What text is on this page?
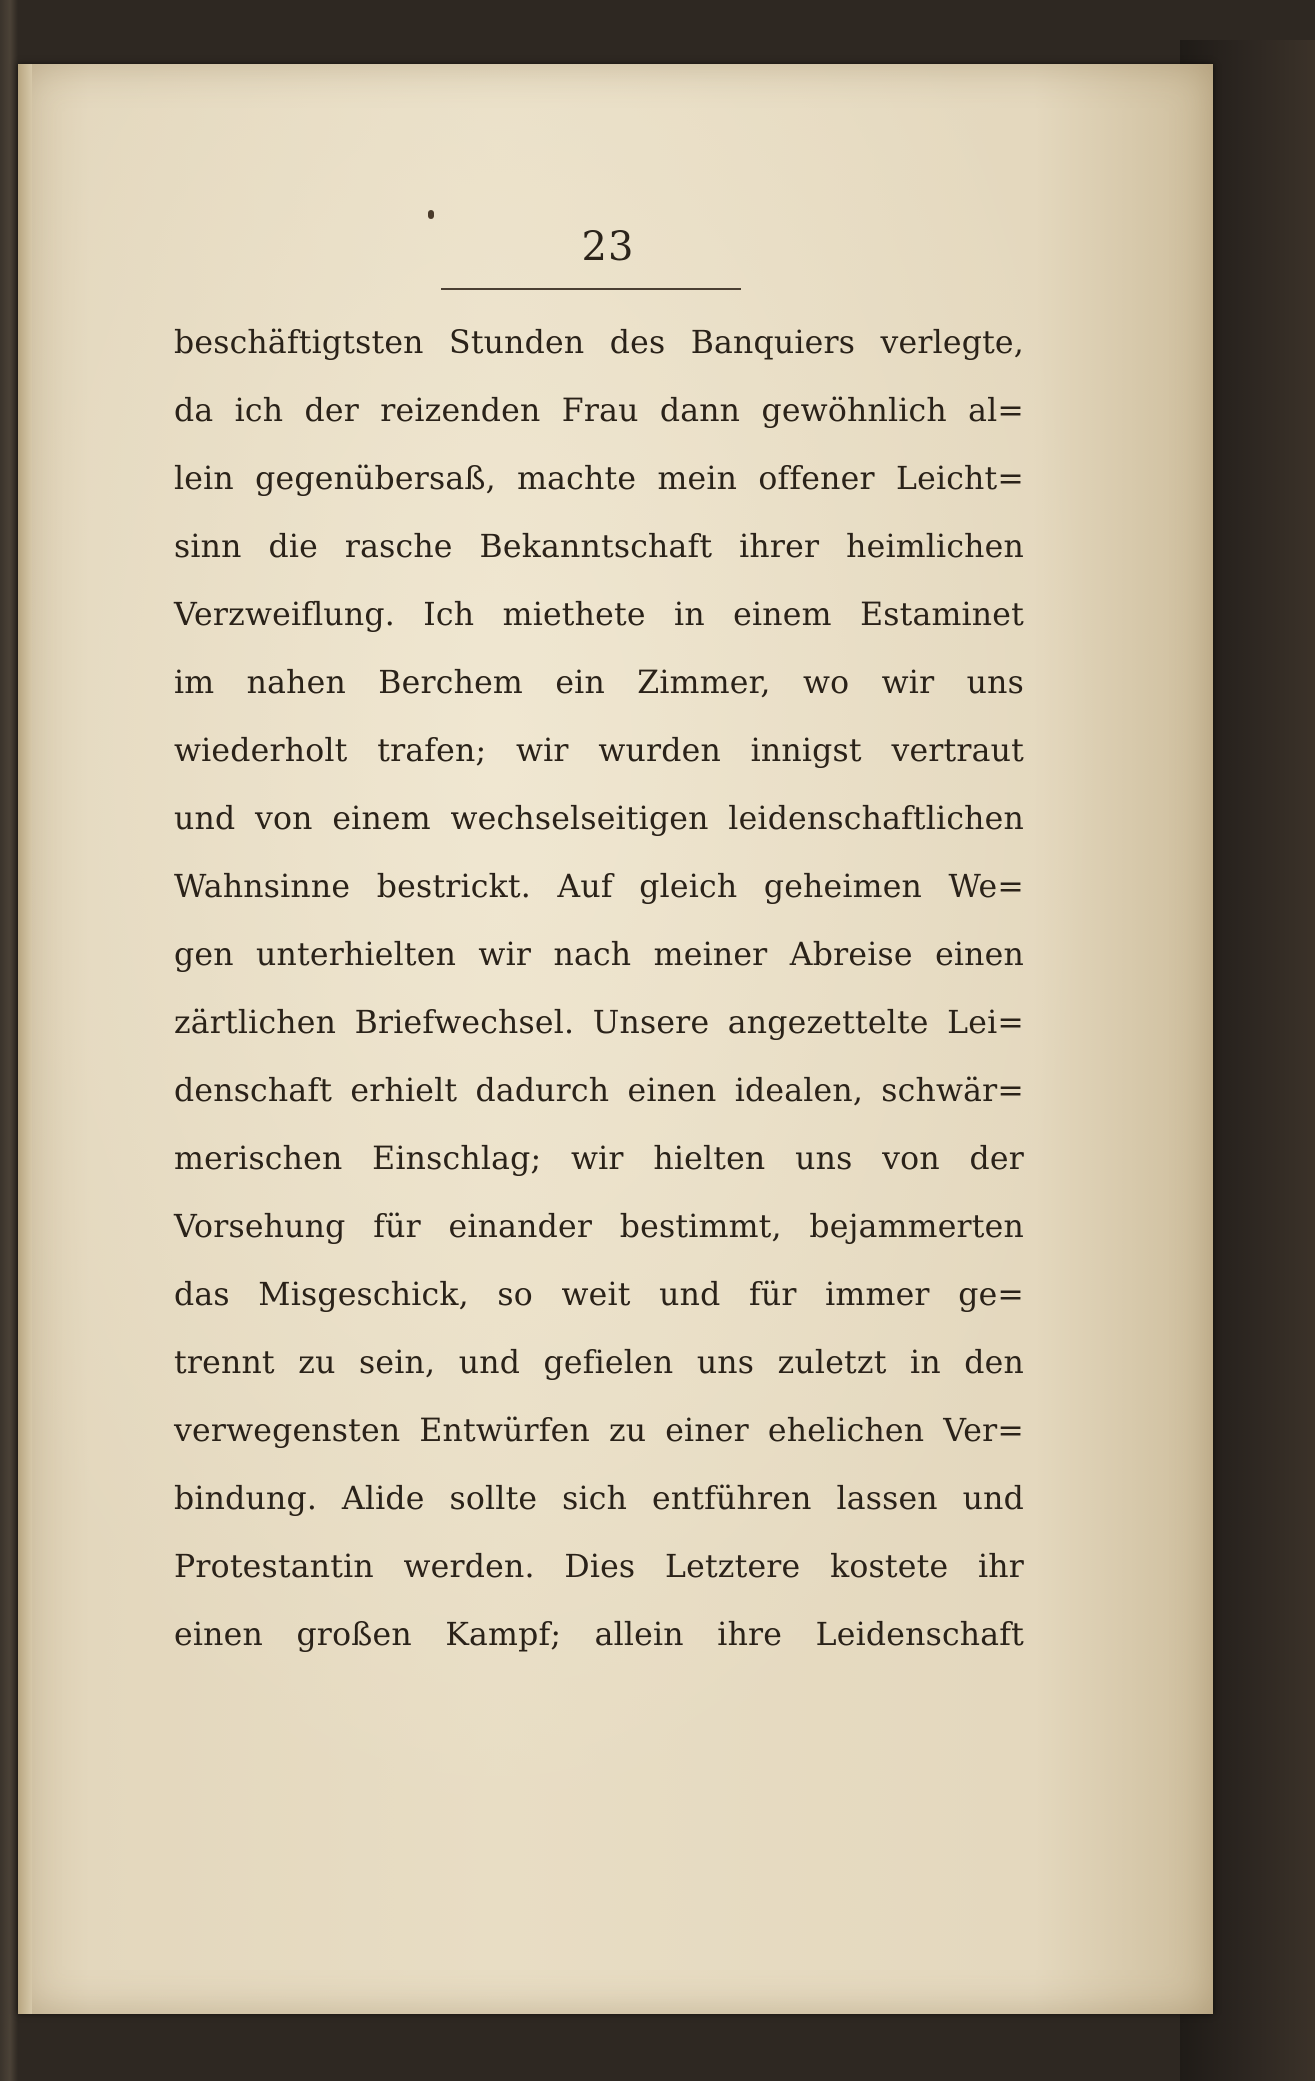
23
beschäftigtsten Stunden des Banquiers verlegte,
da ich der reizenden Frau dann gewöhnlich al=
lein gegenübersaß, machte mein offener Leicht=
sinn die rasche Bekanntschaft ihrer heimlichen
Verzweiflung. Ich miethete in einem Estaminet
im nahen Berchem ein Zimmer, wo wir uns
wiederholt trafen; wir wurden innigst vertraut
und von einem wechselseitigen leidenschaftlichen
Wahnsinne bestrickt. Auf gleich geheimen We=
gen unterhielten wir nach meiner Abreise einen
zärtlichen Briefwechsel. Unsere angezettelte Lei=
denschaft erhielt dadurch einen idealen, schwär=
merischen Einschlag; wir hielten uns von der
Vorsehung für einander bestimmt, bejammerten
das Misgeschick, so weit und für immer ge=
trennt zu sein, und gefielen uns zuletzt in den
verwegensten Entwürfen zu einer ehelichen Ver=
bindung. Alide sollte sich entführen lassen und
Protestantin werden. Dies Letztere kostete ihr
einen großen Kampf; allein ihre Leidenschaft
